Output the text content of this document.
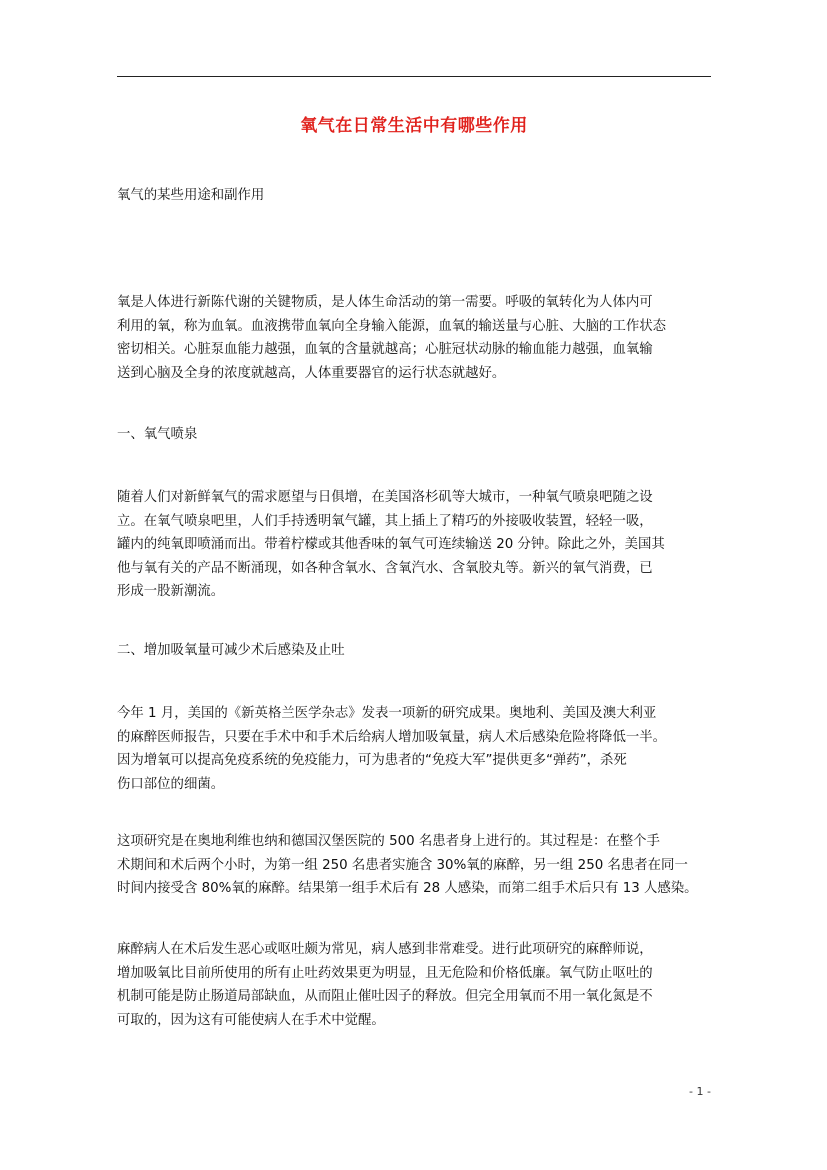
氧气在日常生活中有哪些作用
氧气的某些用途和副作用
氧是人体进行新陈代谢的关键物质，是人体生命活动的第一需要。呼吸的氧转化为人体内可
利用的氧，称为血氧。血液携带血氧向全身输入能源，血氧的输送量与心脏、大脑的工作状态
密切相关。心脏泵血能力越强，血氧的含量就越高；心脏冠状动脉的输血能力越强，血氧输
送到心脑及全身的浓度就越高，人体重要器官的运行状态就越好。
一、氧气喷泉
随着人们对新鲜氧气的需求愿望与日俱增，在美国洛杉矶等大城市，一种氧气喷泉吧随之设
立。在氧气喷泉吧里，人们手持透明氧气罐，其上插上了精巧的外接吸收装置，轻轻一吸，
罐内的纯氧即喷涌而出。带着柠檬或其他香味的氧气可连续输送 20 分钟。除此之外，美国其
他与氧有关的产品不断涌现，如各种含氧水、含氧汽水、含氧胶丸等。新兴的氧气消费，已
形成一股新潮流。
二、增加吸氧量可减少术后感染及止吐
今年 1 月，美国的《新英格兰医学杂志》发表一项新的研究成果。奥地利、美国及澳大利亚
的麻醉医师报告，只要在手术中和手术后给病人增加吸氧量，病人术后感染危险将降低一半。
因为增氧可以提高免疫系统的免疫能力，可为患者的“免疫大军”提供更多“弹药”，杀死
伤口部位的细菌。
这项研究是在奥地利维也纳和德国汉堡医院的 500 名患者身上进行的。其过程是：在整个手
术期间和术后两个小时，为第一组 250 名患者实施含 30%氧的麻醉，另一组 250 名患者在同一
时间内接受含 80%氧的麻醉。结果第一组手术后有 28 人感染，而第二组手术后只有 13 人感染。
麻醉病人在术后发生恶心或呕吐颇为常见，病人感到非常难受。进行此项研究的麻醉师说，
增加吸氧比目前所使用的所有止吐药效果更为明显，且无危险和价格低廉。氧气防止呕吐的
机制可能是防止肠道局部缺血，从而阻止催吐因子的释放。但完全用氧而不用一氧化氮是不
可取的，因为这有可能使病人在手术中觉醒。
- 1 -
